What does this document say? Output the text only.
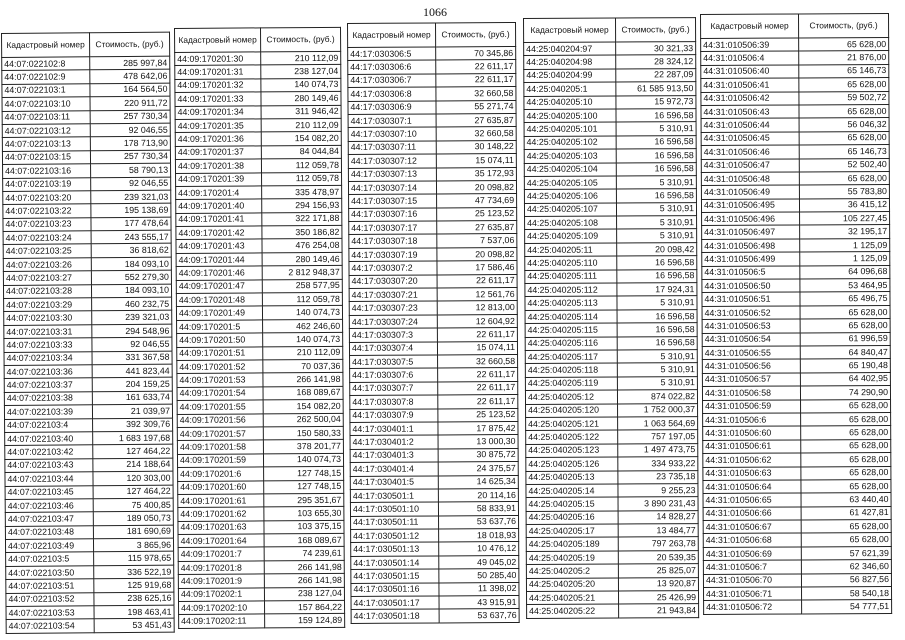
1066
Кадастровый номер	Стоимость, (руб.)
44:07:022102:8	285 997,84
44:07:022102:9	478 642,06
44:07:022103:1	164 564,50
44:07:022103:10	220 911,72
44:07:022103:11	257 730,34
44:07:022103:12	92 046,55
44:07:022103:13	178 713,90
44:07:022103:15	257 730,34
44:07:022103:16	58 790,13
44:07:022103:19	92 046,55
44:07:022103:20	239 321,03
44:07:022103:22	195 138,69
44:07:022103:23	177 478,64
44:07:022103:24	243 555,17
44:07:022103:25	36 818,62
44:07:022103:26	184 093,10
44:07:022103:27	552 279,30
44:07:022103:28	184 093,10
44:07:022103:29	460 232,75
44:07:022103:30	239 321,03
44:07:022103:31	294 548,96
44:07:022103:33	92 046,55
44:07:022103:34	331 367,58
44:07:022103:36	441 823,44
44:07:022103:37	204 159,25
44:07:022103:38	161 633,74
44:07:022103:39	21 039,97
44:07:022103:4	392 309,76
44:07:022103:40	1 683 197,68
44:07:022103:42	127 464,22
44:07:022103:43	214 188,64
44:07:022103:44	120 303,00
44:07:022103:45	127 464,22
44:07:022103:46	75 400,85
44:07:022103:47	189 050,73
44:07:022103:48	181 690,69
44:07:022103:49	3 865,96
44:07:022103:5	115 978,65
44:07:022103:50	336 522,19
44:07:022103:51	125 919,68
44:07:022103:52	238 625,16
44:07:022103:53	198 463,41
44:07:022103:54	53 451,43
Кадастровый номер	Стоимость, (руб.)
44:09:170201:30	210 112,09
44:09:170201:31	238 127,04
44:09:170201:32	140 074,73
44:09:170201:33	280 149,46
44:09:170201:34	311 946,42
44:09:170201:35	210 112,09
44:09:170201:36	154 082,20
44:09:170201:37	84 044,84
44:09:170201:38	112 059,78
44:09:170201:39	112 059,78
44:09:170201:4	335 478,97
44:09:170201:40	294 156,93
44:09:170201:41	322 171,88
44:09:170201:42	350 186,82
44:09:170201:43	476 254,08
44:09:170201:44	280 149,46
44:09:170201:46	2 812 948,37
44:09:170201:47	258 577,95
44:09:170201:48	112 059,78
44:09:170201:49	140 074,73
44:09:170201:5	462 246,60
44:09:170201:50	140 074,73
44:09:170201:51	210 112,09
44:09:170201:52	70 037,36
44:09:170201:53	266 141,98
44:09:170201:54	168 089,67
44:09:170201:55	154 082,20
44:09:170201:56	262 500,04
44:09:170201:57	150 580,33
44:09:170201:58	378 201,77
44:09:170201:59	140 074,73
44:09:170201:6	127 748,15
44:09:170201:60	127 748,15
44:09:170201:61	295 351,67
44:09:170201:62	103 655,30
44:09:170201:63	103 375,15
44:09:170201:64	168 089,67
44:09:170201:7	74 239,61
44:09:170201:8	266 141,98
44:09:170201:9	266 141,98
44:09:170202:1	238 127,04
44:09:170202:10	157 864,22
44:09:170202:11	159 124,89
Кадастровый номер	Стоимость, (руб.)
44:17:030306:5	70 345,86
44:17:030306:6	22 611,17
44:17:030306:7	22 611,17
44:17:030306:8	32 660,58
44:17:030306:9	55 271,74
44:17:030307:1	27 635,87
44:17:030307:10	32 660,58
44:17:030307:11	30 148,22
44:17:030307:12	15 074,11
44:17:030307:13	35 172,93
44:17:030307:14	20 098,82
44:17:030307:15	47 734,69
44:17:030307:16	25 123,52
44:17:030307:17	27 635,87
44:17:030307:18	7 537,06
44:17:030307:19	20 098,82
44:17:030307:2	17 586,46
44:17:030307:20	22 611,17
44:17:030307:21	12 561,76
44:17:030307:23	12 813,00
44:17:030307:24	12 604,92
44:17:030307:3	22 611,17
44:17:030307:4	15 074,11
44:17:030307:5	32 660,58
44:17:030307:6	22 611,17
44:17:030307:7	22 611,17
44:17:030307:8	22 611,17
44:17:030307:9	25 123,52
44:17:030401:1	17 875,42
44:17:030401:2	13 000,30
44:17:030401:3	30 875,72
44:17:030401:4	24 375,57
44:17:030401:5	14 625,34
44:17:030501:1	20 114,16
44:17:030501:10	58 833,91
44:17:030501:11	53 637,76
44:17:030501:12	18 018,93
44:17:030501:13	10 476,12
44:17:030501:14	49 045,02
44:17:030501:15	50 285,40
44:17:030501:16	11 398,02
44:17:030501:17	43 915,91
44:17:030501:18	53 637,76
Кадастровый номер	Стоимость, (руб.)
44:25:040204:97	30 321,33
44:25:040204:98	28 324,12
44:25:040204:99	22 287,09
44:25:040205:1	61 585 913,50
44:25:040205:10	15 972,73
44:25:040205:100	16 596,58
44:25:040205:101	5 310,91
44:25:040205:102	16 596,58
44:25:040205:103	16 596,58
44:25:040205:104	16 596,58
44:25:040205:105	5 310,91
44:25:040205:106	16 596,58
44:25:040205:107	5 310,91
44:25:040205:108	5 310,91
44:25:040205:109	5 310,91
44:25:040205:11	20 098,42
44:25:040205:110	16 596,58
44:25:040205:111	16 596,58
44:25:040205:112	17 924,31
44:25:040205:113	5 310,91
44:25:040205:114	16 596,58
44:25:040205:115	16 596,58
44:25:040205:116	16 596,58
44:25:040205:117	5 310,91
44:25:040205:118	5 310,91
44:25:040205:119	5 310,91
44:25:040205:12	874 022,82
44:25:040205:120	1 752 000,37
44:25:040205:121	1 063 564,69
44:25:040205:122	757 197,05
44:25:040205:123	1 497 473,75
44:25:040205:126	334 933,22
44:25:040205:13	23 735,18
44:25:040205:14	9 255,23
44:25:040205:15	3 890 231,43
44:25:040205:16	14 828,27
44:25:040205:17	13 484,77
44:25:040205:189	797 263,78
44:25:040205:19	20 539,35
44:25:040205:2	25 825,07
44:25:040205:20	13 920,87
44:25:040205:21	25 426,99
44:25:040205:22	21 943,84
Кадастровый номер	Стоимость, (руб.)
44:31:010506:39	65 628,00
44:31:010506:4	21 876,00
44:31:010506:40	65 146,73
44:31:010506:41	65 628,00
44:31:010506:42	59 502,72
44:31:010506:43	65 628,00
44:31:010506:44	56 046,32
44:31:010506:45	65 628,00
44:31:010506:46	65 146,73
44:31:010506:47	52 502,40
44:31:010506:48	65 628,00
44:31:010506:49	55 783,80
44:31:010506:495	36 415,12
44:31:010506:496	105 227,45
44:31:010506:497	32 195,17
44:31:010506:498	1 125,09
44:31:010506:499	1 125,09
44:31:010506:5	64 096,68
44:31:010506:50	53 464,95
44:31:010506:51	65 496,75
44:31:010506:52	65 628,00
44:31:010506:53	65 628,00
44:31:010506:54	61 996,59
44:31:010506:55	64 840,47
44:31:010506:56	65 190,48
44:31:010506:57	64 402,95
44:31:010506:58	74 290,90
44:31:010506:59	65 628,00
44:31:010506:6	65 628,00
44:31:010506:60	65 628,00
44:31:010506:61	65 628,00
44:31:010506:62	65 628,00
44:31:010506:63	65 628,00
44:31:010506:64	65 628,00
44:31:010506:65	63 440,40
44:31:010506:66	61 427,81
44:31:010506:67	65 628,00
44:31:010506:68	65 628,00
44:31:010506:69	57 621,39
44:31:010506:7	62 346,60
44:31:010506:70	56 827,56
44:31:010506:71	58 540,18
44:31:010506:72	54 777,51
